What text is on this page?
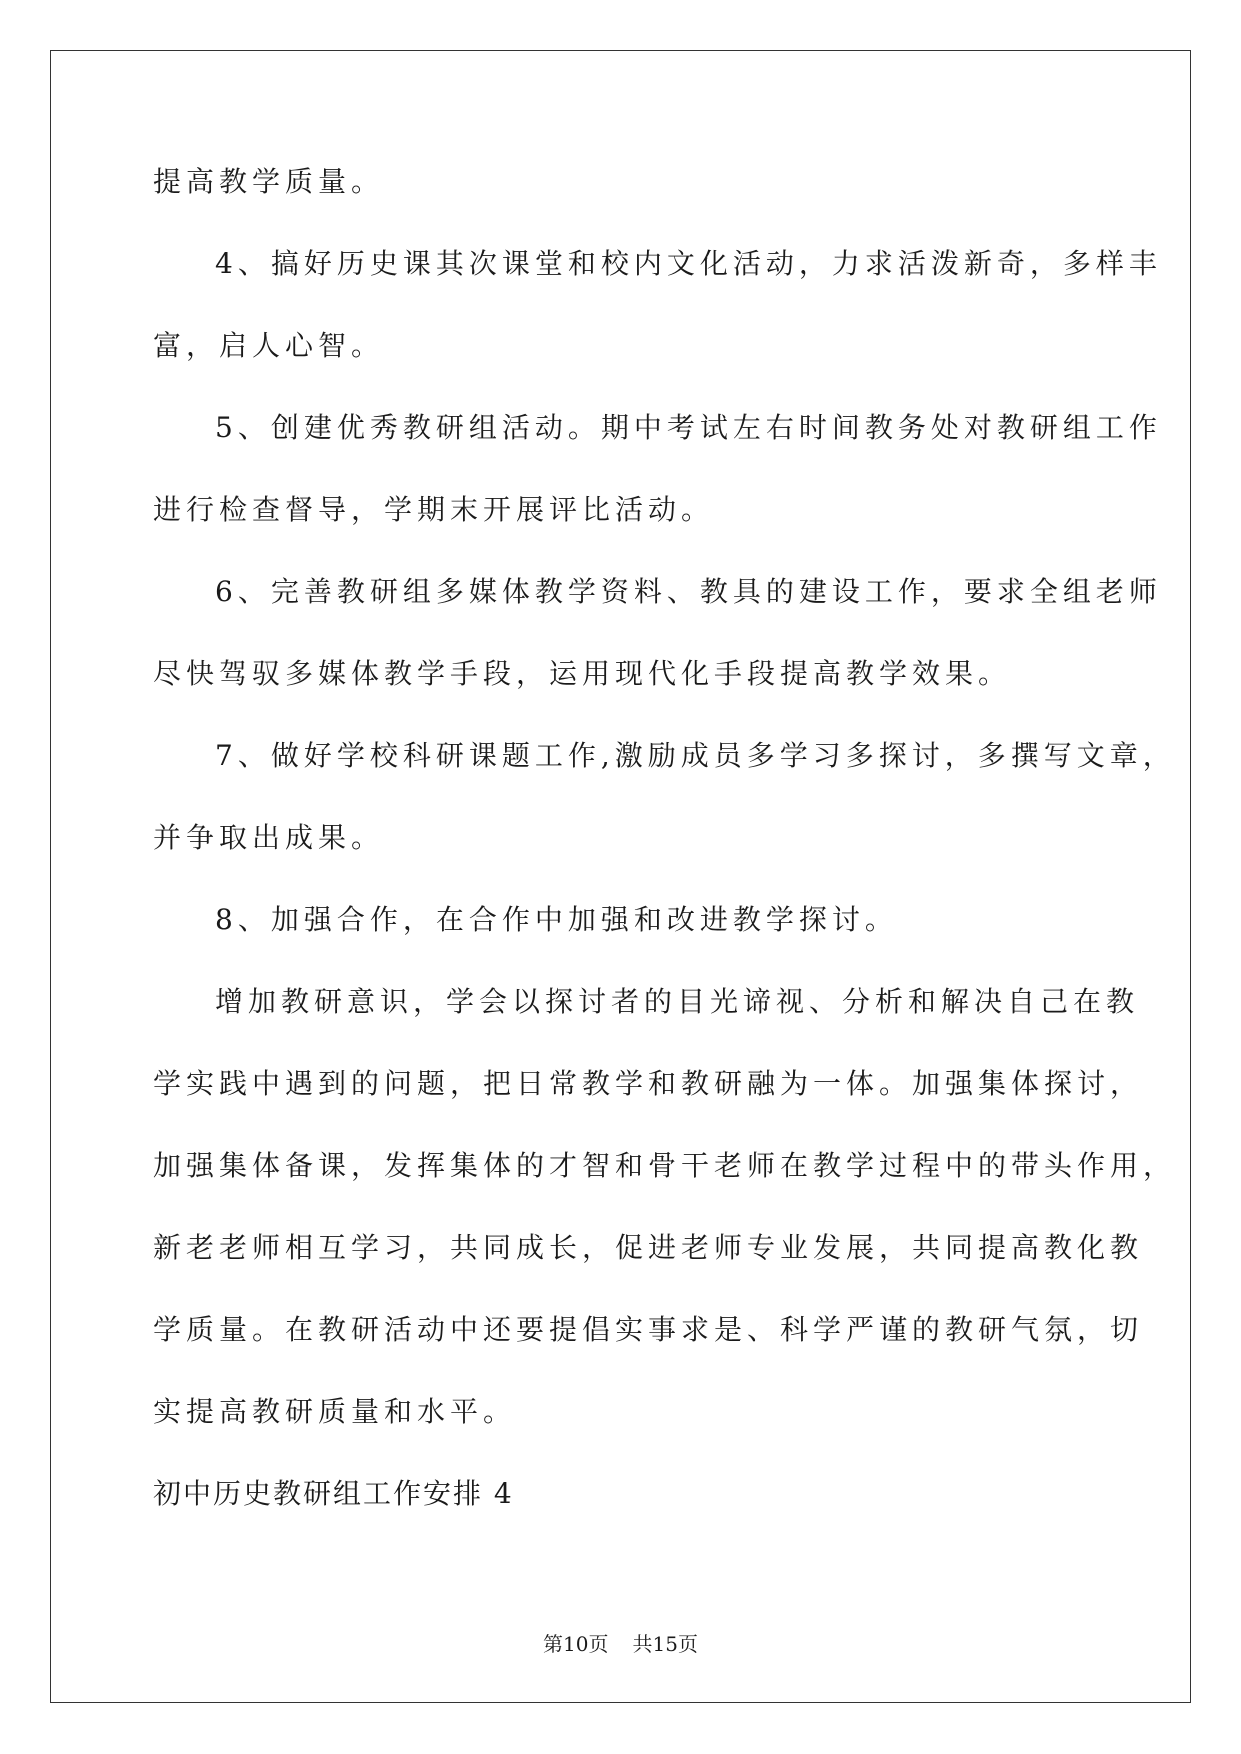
提高教学质量。
4、搞好历史课其次课堂和校内文化活动，力求活泼新奇，多样丰
富，启人心智。
5、创建优秀教研组活动。期中考试左右时间教务处对教研组工作
进行检查督导，学期末开展评比活动。
6、完善教研组多媒体教学资料、教具的建设工作，要求全组老师
尽快驾驭多媒体教学手段，运用现代化手段提高教学效果。
7、做好学校科研课题工作,激励成员多学习多探讨，多撰写文章，
并争取出成果。
8、加强合作，在合作中加强和改进教学探讨。
增加教研意识，学会以探讨者的目光谛视、分析和解决自己在教
学实践中遇到的问题，把日常教学和教研融为一体。加强集体探讨，
加强集体备课，发挥集体的才智和骨干老师在教学过程中的带头作用，
新老老师相互学习，共同成长，促进老师专业发展，共同提高教化教
学质量。在教研活动中还要提倡实事求是、科学严谨的教研气氛，切
实提高教研质量和水平。
初中历史教研组工作安排 4
第10页 共15页
